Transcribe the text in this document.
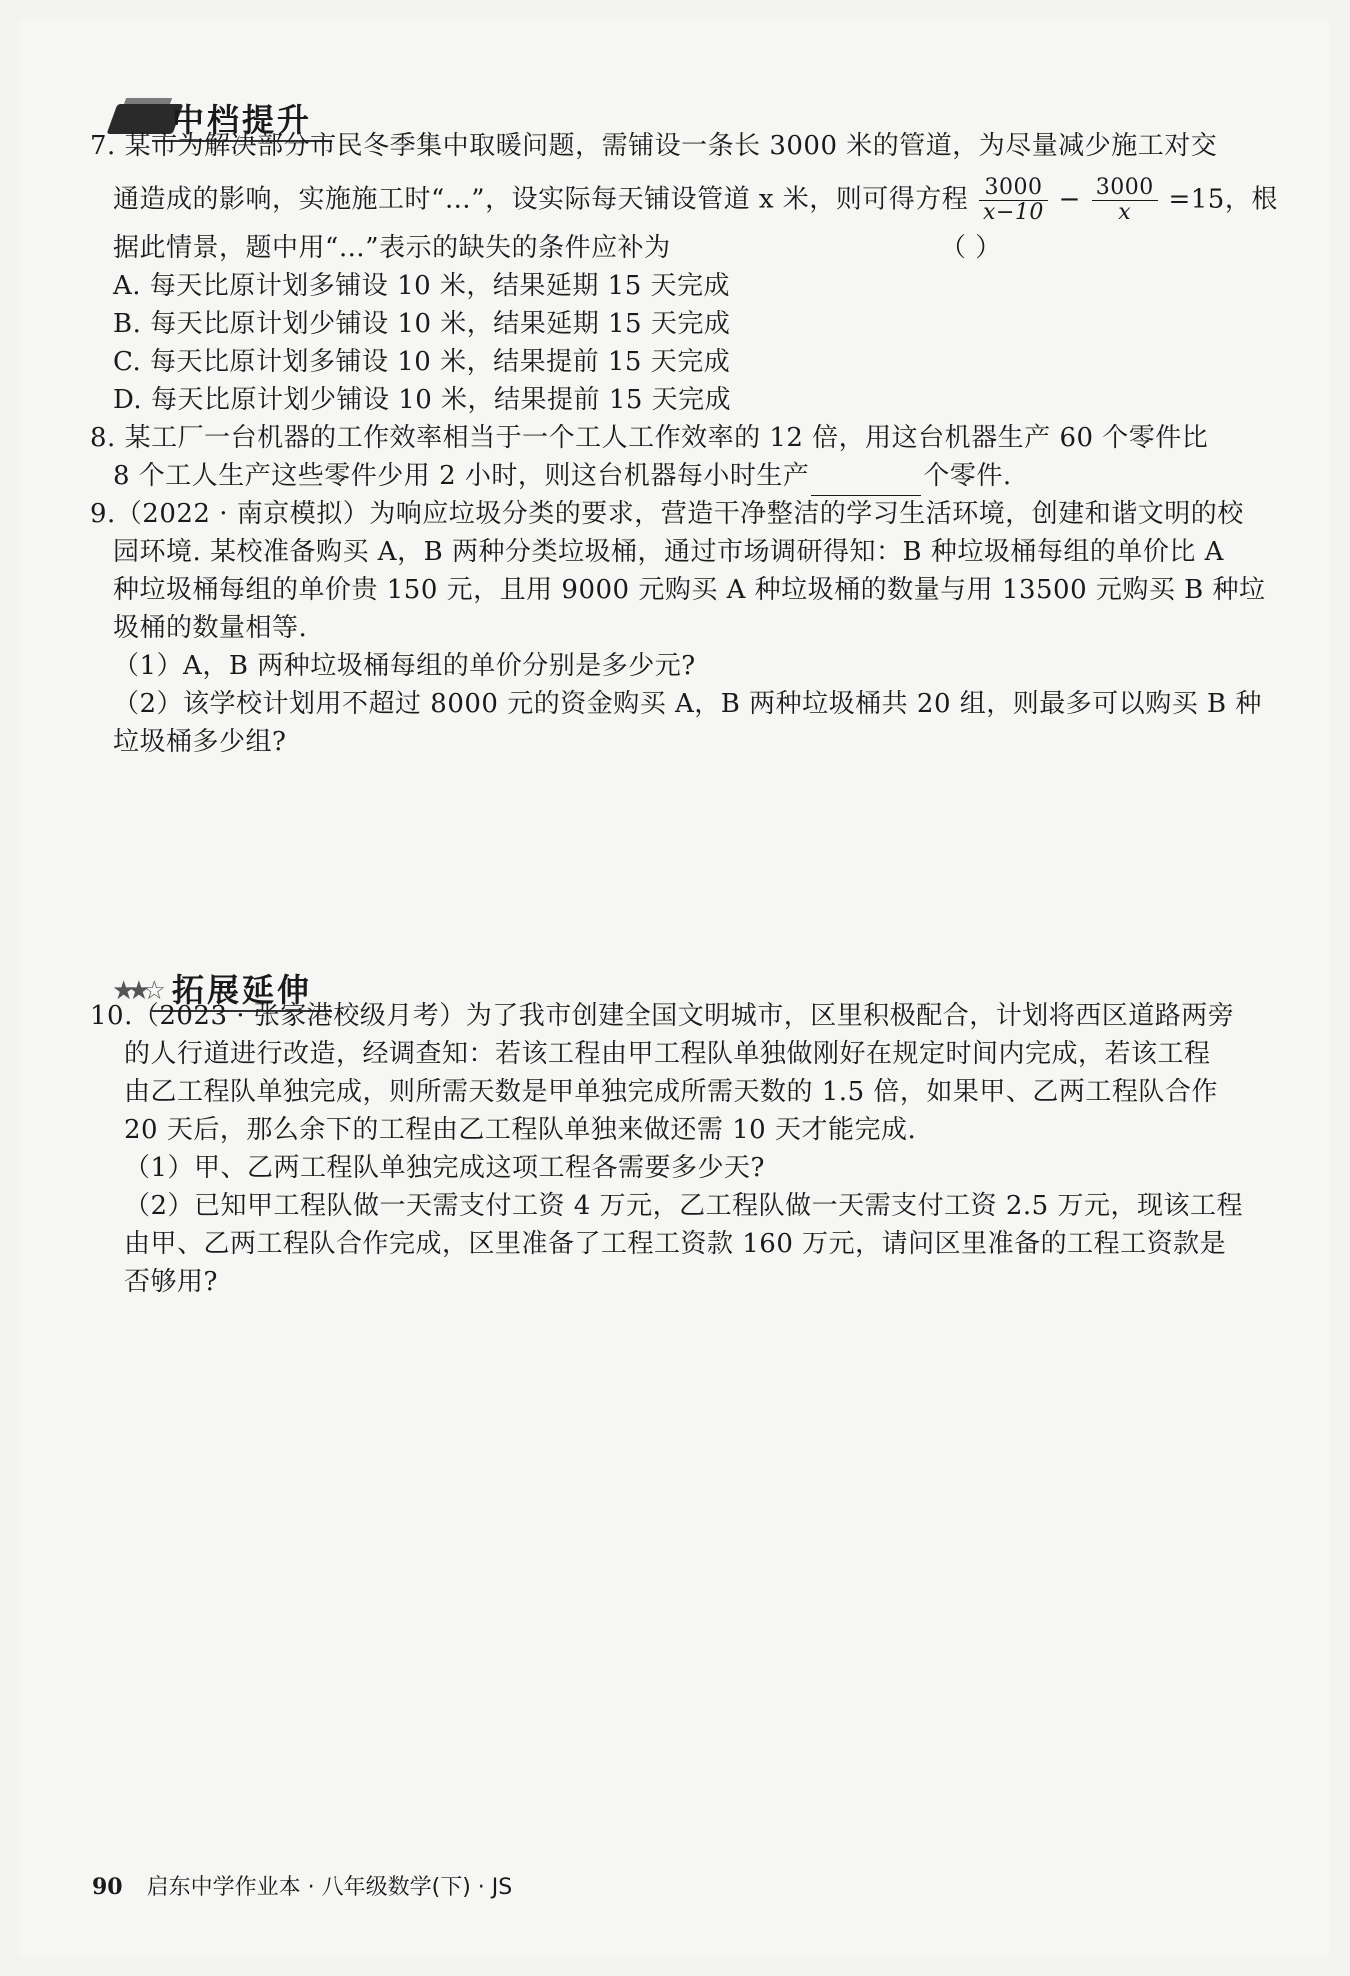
中档提升
7. 某市为解决部分市民冬季集中取暖问题，需铺设一条长 3000 米的管道，为尽量减少施工对交
通造成的影响，实施施工时“…”，设实际每天铺设管道 x 米，则可得方程 $\frac{3000}{x-10} - \frac{3000}{x} =15$，根
据此情景，题中用“…”表示的缺失的条件应补为	（ ）
A. 每天比原计划多铺设 10 米，结果延期 15 天完成
B. 每天比原计划少铺设 10 米，结果延期 15 天完成
C. 每天比原计划多铺设 10 米，结果提前 15 天完成
D. 每天比原计划少铺设 10 米，结果提前 15 天完成
8. 某工厂一台机器的工作效率相当于一个工人工作效率的 12 倍，用这台机器生产 60 个零件比
8 个工人生产这些零件少用 2 小时，则这台机器每小时生产	个零件.
9.（2022 · 南京模拟）为响应垃圾分类的要求，营造干净整洁的学习生活环境，创建和谐文明的校
园环境. 某校准备购买 A，B 两种分类垃圾桶，通过市场调研得知：B 种垃圾桶每组的单价比 A
种垃圾桶每组的单价贵 150 元，且用 9000 元购买 A 种垃圾桶的数量与用 13500 元购买 B 种垃
圾桶的数量相等.
（1）A，B 两种垃圾桶每组的单价分别是多少元?
（2）该学校计划用不超过 8000 元的资金购买 A，B 两种垃圾桶共 20 组，则最多可以购买 B 种
垃圾桶多少组?
★★☆ 拓展延伸
10.（2023 · 张家港校级月考）为了我市创建全国文明城市，区里积极配合，计划将西区道路两旁
的人行道进行改造，经调查知：若该工程由甲工程队单独做刚好在规定时间内完成，若该工程
由乙工程队单独完成，则所需天数是甲单独完成所需天数的 1.5 倍，如果甲、乙两工程队合作
20 天后，那么余下的工程由乙工程队单独来做还需 10 天才能完成.
（1）甲、乙两工程队单独完成这项工程各需要多少天?
（2）已知甲工程队做一天需支付工资 4 万元，乙工程队做一天需支付工资 2.5 万元，现该工程
由甲、乙两工程队合作完成，区里准备了工程工资款 160 万元，请问区里准备的工程工资款是
否够用?
90 启东中学作业本 · 八年级数学(下) · JS
